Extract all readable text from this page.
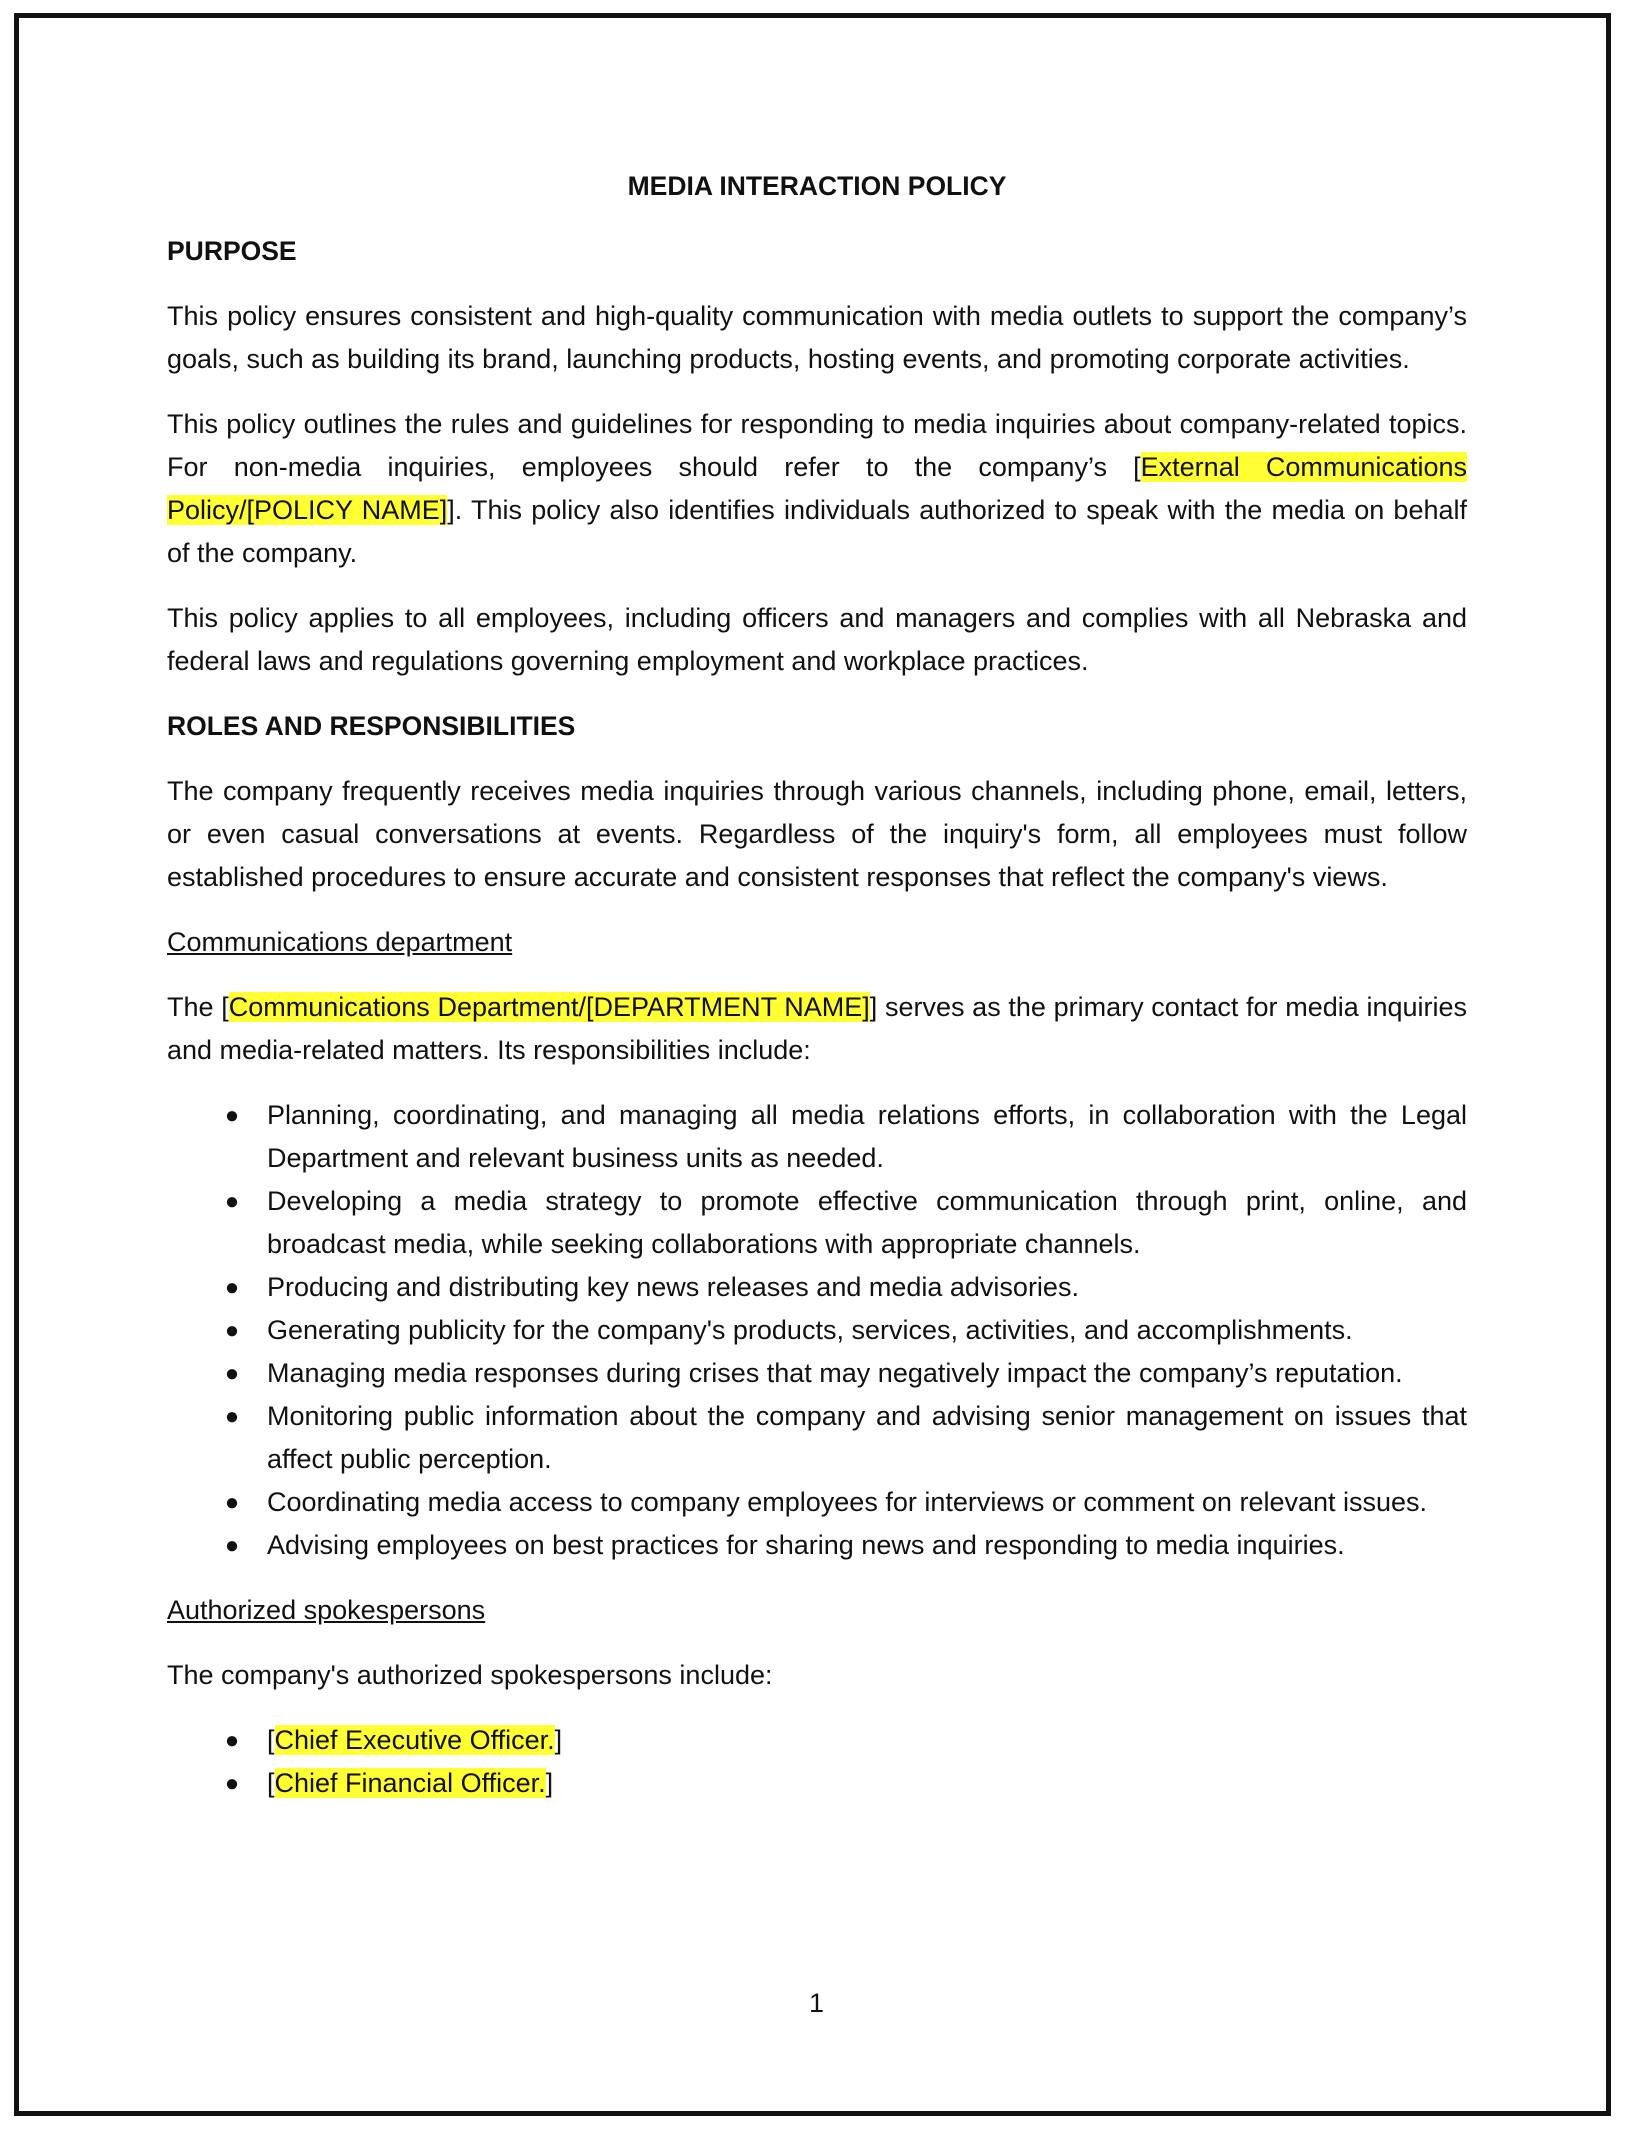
MEDIA INTERACTION POLICY
PURPOSE

This policy ensures consistent and high-quality communication with media outlets to support the company’s goals, such as building its brand, launching products, hosting events, and promoting corporate activities.

This policy outlines the rules and guidelines for responding to media inquiries about company-related topics. For non-media inquiries, employees should refer to the company’s [External Communications Policy/[POLICY NAME]]. This policy also identifies individuals authorized to speak with the media on behalf of the company.

This policy applies to all employees, including officers and managers and complies with all Nebraska and federal laws and regulations governing employment and workplace practices.

ROLES AND RESPONSIBILITIES

The company frequently receives media inquiries through various channels, including phone, email, letters, or even casual conversations at events. Regardless of the inquiry's form, all employees must follow established procedures to ensure accurate and consistent responses that reflect the company's views.

Communications department

The [Communications Department/[DEPARTMENT NAME]] serves as the primary contact for media inquiries and media-related matters. Its responsibilities include:

● Planning, coordinating, and managing all media relations efforts, in collaboration with the Legal Department and relevant business units as needed.
● Developing a media strategy to promote effective communication through print, online, and broadcast media, while seeking collaborations with appropriate channels.
● Producing and distributing key news releases and media advisories.
● Generating publicity for the company's products, services, activities, and accomplishments.
● Managing media responses during crises that may negatively impact the company’s reputation.
● Monitoring public information about the company and advising senior management on issues that affect public perception.
● Coordinating media access to company employees for interviews or comment on relevant issues.
● Advising employees on best practices for sharing news and responding to media inquiries.
Authorized spokespersons

The company's authorized spokespersons include:

● [Chief Executive Officer.]
● [Chief Financial Officer.]
1
